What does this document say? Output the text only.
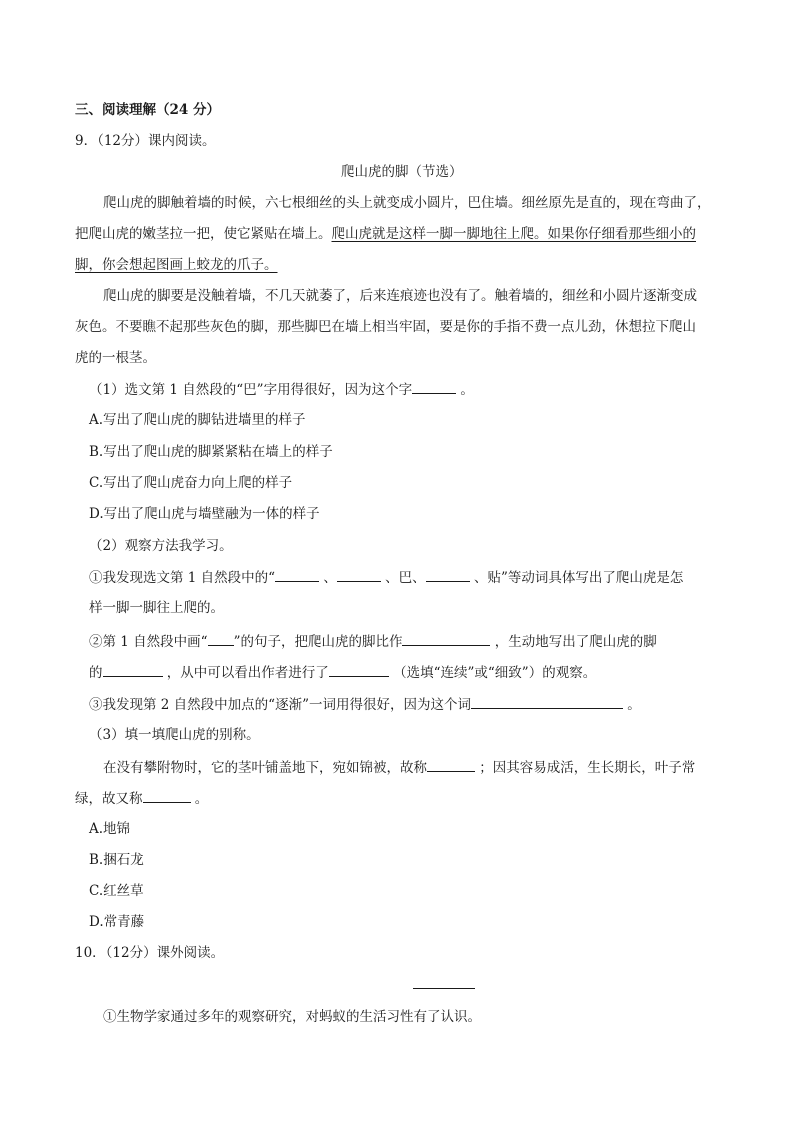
三、阅读理解（24 分）
9．（12分）课内阅读。
爬山虎的脚（节选）
爬山虎的脚触着墙的时候，六七根细丝的头上就变成小圆片，巴住墙。细丝原先是直的，现在弯曲了，
把爬山虎的嫩茎拉一把，使它紧贴在墙上。爬山虎就是这样一脚一脚地往上爬。如果你仔细看那些细小的
脚，你会想起图画上蛟龙的爪子。
爬山虎的脚要是没触着墙，不几天就萎了，后来连痕迹也没有了。触着墙的，细丝和小圆片逐渐变成
灰色。不要瞧不起那些灰色的脚，那些脚巴在墙上相当牢固，要是你的手指不费一点儿劲，休想拉下爬山
虎的一根茎。
（1）选文第 1 自然段的“巴”字用得很好，因为这个字	。
A.写出了爬山虎的脚钻进墙里的样子
B.写出了爬山虎的脚紧紧粘在墙上的样子
C.写出了爬山虎奋力向上爬的样子
D.写出了爬山虎与墙壁融为一体的样子
（2）观察方法我学习。
①我发现选文第 1 自然段中的“	、	、巴、	、贴”等动词具体写出了爬山虎是怎
样一脚一脚往上爬的。
②第 1 自然段中画“ ”的句子，把爬山虎的脚比作	，生动地写出了爬山虎的脚
的	，从中可以看出作者进行了	（选填“连续”或“细致”）的观察。
③我发现第 2 自然段中加点的“逐渐”一词用得很好，因为这个词	。
（3）填一填爬山虎的别称。
在没有攀附物时，它的茎叶铺盖地下，宛如锦被，故称	；因其容易成活，生长期长，叶子常
绿，故又称	。
A.地锦
B.捆石龙
C.红丝草
D.常青藤
10．（12分）课外阅读。
①生物学家通过多年的观察研究，对蚂蚁的生活习性有了认识。
